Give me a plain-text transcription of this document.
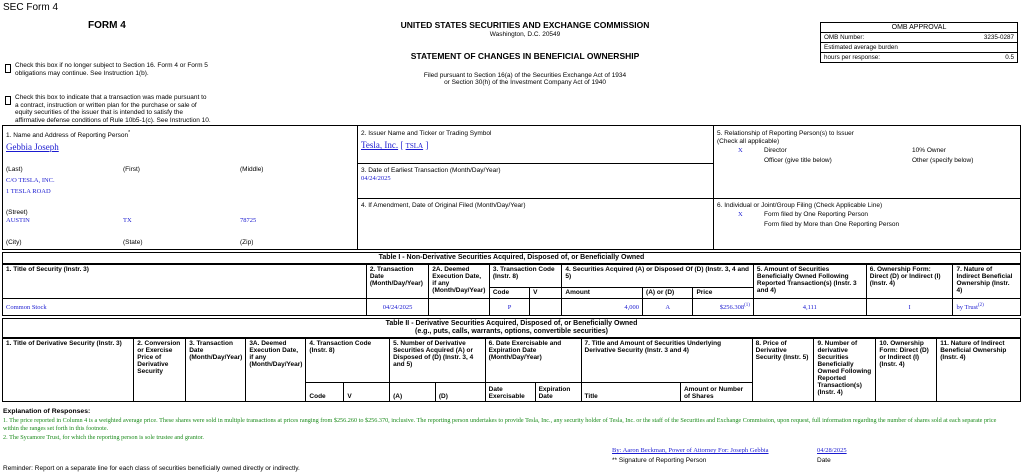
SEC Form 4
FORM 4
Check this box if no longer subject to Section 16. Form 4 or Form 5
obligations may continue. See Instruction 1(b).
Check this box to indicate that a transaction was made pursuant to
a contract, instruction or written plan for the purchase or sale of
equity securities of the issuer that is intended to satisfy the
affirmative defense conditions of Rule 10b5-1(c). See Instruction 10.
UNITED STATES SECURITIES AND EXCHANGE COMMISSION
Washington, D.C. 20549
STATEMENT OF CHANGES IN BENEFICIAL OWNERSHIP
Filed pursuant to Section 16(a) of the Securities Exchange Act of 1934
or Section 30(h) of the Investment Company Act of 1940
OMB APPROVAL	
OMB Number:	3235-0287
Estimated average burden	
hours per response:	0.5
1. Name and Address of Reporting Person*
Gebbia Joseph
(Last)	(First)	(Middle)
C/O TESLA, INC.
1 TESLA ROAD
(Street)
AUSTIN	TX	78725
(City)	(State)	(Zip)
2. Issuer Name and Ticker or Trading Symbol
Tesla, Inc. [ TSLA ]
3. Date of Earliest Transaction (Month/Day/Year)
04/24/2025
4. If Amendment, Date of Original Filed (Month/Day/Year)
5. Relationship of Reporting Person(s) to Issuer
(Check all applicable)
X	Director	10% Owner
Officer (give title below)	Other (specify below)
6. Individual or Joint/Group Filing (Check Applicable Line)
X	Form filed by One Reporting Person
Form filed by More than One Reporting Person
Table I - Non-Derivative Securities Acquired, Disposed of, or Beneficially Owned
1. Title of Security (Instr. 3)	2. Transaction Date (Month/Day/Year)	2A. Deemed Execution Date, if any (Month/Day/Year)	3. Transaction Code (Instr. 8)		4. Securities Acquired (A) or Disposed Of (D) (Instr. 3, 4 and 5)			5. Amount of Securities Beneficially Owned Following Reported Transaction(s) (Instr. 3 and 4)	6. Ownership Form: Direct (D) or Indirect (I) (Instr. 4)	7. Nature of Indirect Beneficial Ownership (Instr. 4)
			Code	V	Amount	(A) or (D)	Price			
Common Stock	04/24/2025		P		4,000	A	$256.308$^{(1)}$	4,111	I	by Trust$^{(2)}$
Table II - Derivative Securities Acquired, Disposed of, or Beneficially Owned
(e.g., puts, calls, warrants, options, convertible securities)
1. Title of Derivative Security (Instr. 3)	2. Conversion or Exercise Price of Derivative Security	3. Transaction Date (Month/Day/Year)	3A. Deemed Execution Date, if any (Month/Day/Year)	4. Transaction Code (Instr. 8)		5. Number of Derivative Securities Acquired (A) or Disposed of (D) (Instr. 3, 4 and 5)		6. Date Exercisable and Expiration Date (Month/Day/Year)		7. Title and Amount of Securities Underlying Derivative Security (Instr. 3 and 4)		8. Price of Derivative Security (Instr. 5)	9. Number of derivative Securities Beneficially Owned Following Reported Transaction(s) (Instr. 4)	10. Ownership Form: Direct (D) or Indirect (I) (Instr. 4)	11. Nature of Indirect Beneficial Ownership (Instr. 4)
				Code	V	(A)	(D)	Date Exercisable	Expiration Date	Title	Amount or Number of Shares				
Explanation of Responses:
1. The price reported in Column 4 is a weighted average price. These shares were sold in multiple transactions at prices ranging from $256.260 to $256.370, inclusive. The reporting person undertakes to provide Tesla, Inc., any security holder of Tesla, Inc. or the staff of the Securities and Exchange Commission, upon request, full information regarding the number of shares sold at each separate price within the ranges set forth in this footnote.
2. The Sycamore Trust, for which the reporting person is sole trustee and grantor.
By: Aaron Beckman, Power of Attorney For: Joseph Gebbia	04/28/2025
** Signature of Reporting Person	Date
Reminder: Report on a separate line for each class of securities beneficially owned directly or indirectly.
